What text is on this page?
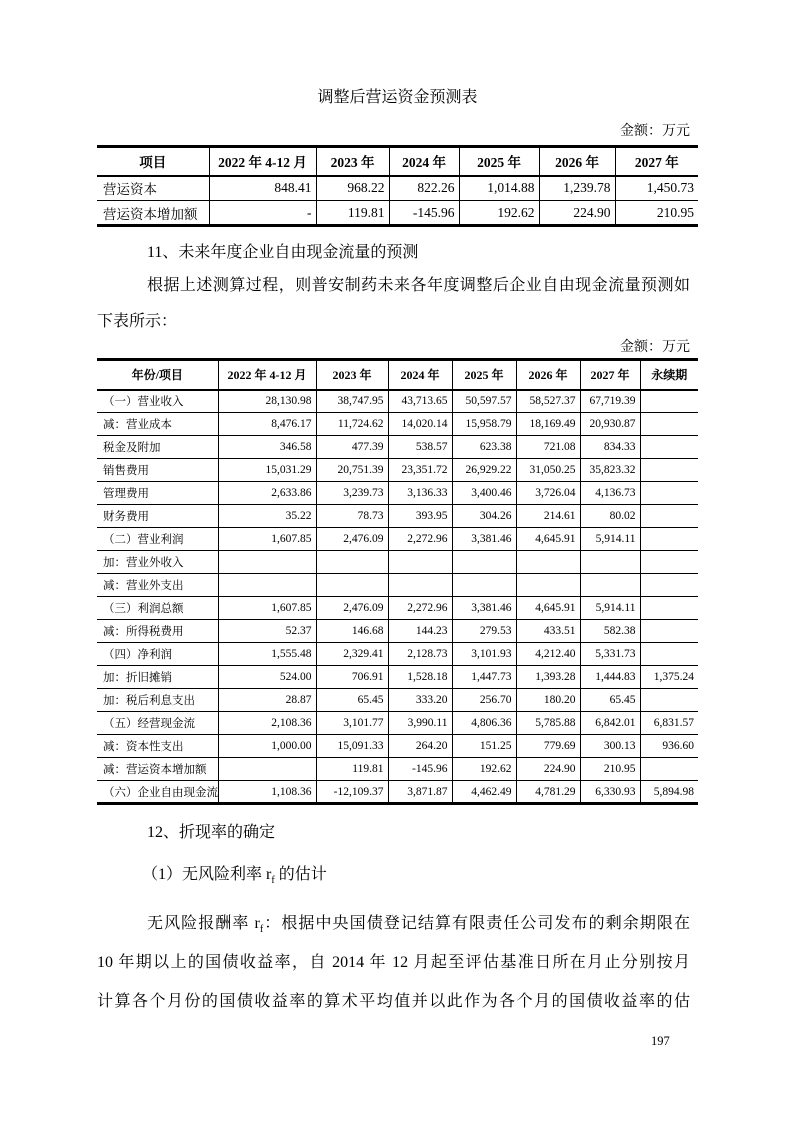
调整后营运资金预测表
金额：万元
项目	2022 年 4-12 月	2023 年	2024 年	2025 年	2026 年	2027 年
营运资本	848.41	968.22	822.26	1,014.88	1,239.78	1,450.73
营运资本增加额	-	119.81	-145.96	192.62	224.90	210.95
11、未来年度企业自由现金流量的预测
根据上述测算过程，则普安制药未来各年度调整后企业自由现金流量预测如
下表所示：
金额：万元
年份/项目	2022 年 4-12 月	2023 年	2024 年	2025 年	2026 年	2027 年	永续期
（一）营业收入	28,130.98	38,747.95	43,713.65	50,597.57	58,527.37	67,719.39	
减：营业成本	8,476.17	11,724.62	14,020.14	15,958.79	18,169.49	20,930.87	
税金及附加	346.58	477.39	538.57	623.38	721.08	834.33	
销售费用	15,031.29	20,751.39	23,351.72	26,929.22	31,050.25	35,823.32	
管理费用	2,633.86	3,239.73	3,136.33	3,400.46	3,726.04	4,136.73	
财务费用	35.22	78.73	393.95	304.26	214.61	80.02	
（二）营业利润	1,607.85	2,476.09	2,272.96	3,381.46	4,645.91	5,914.11	
加：营业外收入							
减：营业外支出							
（三）利润总额	1,607.85	2,476.09	2,272.96	3,381.46	4,645.91	5,914.11	
减：所得税费用	52.37	146.68	144.23	279.53	433.51	582.38	
（四）净利润	1,555.48	2,329.41	2,128.73	3,101.93	4,212.40	5,331.73	
加：折旧摊销	524.00	706.91	1,528.18	1,447.73	1,393.28	1,444.83	1,375.24
加：税后利息支出	28.87	65.45	333.20	256.70	180.20	65.45	
（五）经营现金流	2,108.36	3,101.77	3,990.11	4,806.36	5,785.88	6,842.01	6,831.57
减：资本性支出	1,000.00	15,091.33	264.20	151.25	779.69	300.13	936.60
减：营运资本增加额		119.81	-145.96	192.62	224.90	210.95	
（六）企业自由现金流	1,108.36	-12,109.37	3,871.87	4,462.49	4,781.29	6,330.93	5,894.98
12、折现率的确定
（1）无风险利率 $r_f$ 的估计
无风险报酬率 $r_f$：根据中央国债登记结算有限责任公司发布的剩余期限在
10 年期以上的国债收益率，自 2014 年 12 月起至评估基准日所在月止分别按月
计算各个月份的国债收益率的算术平均值并以此作为各个月的国债收益率的估
197
